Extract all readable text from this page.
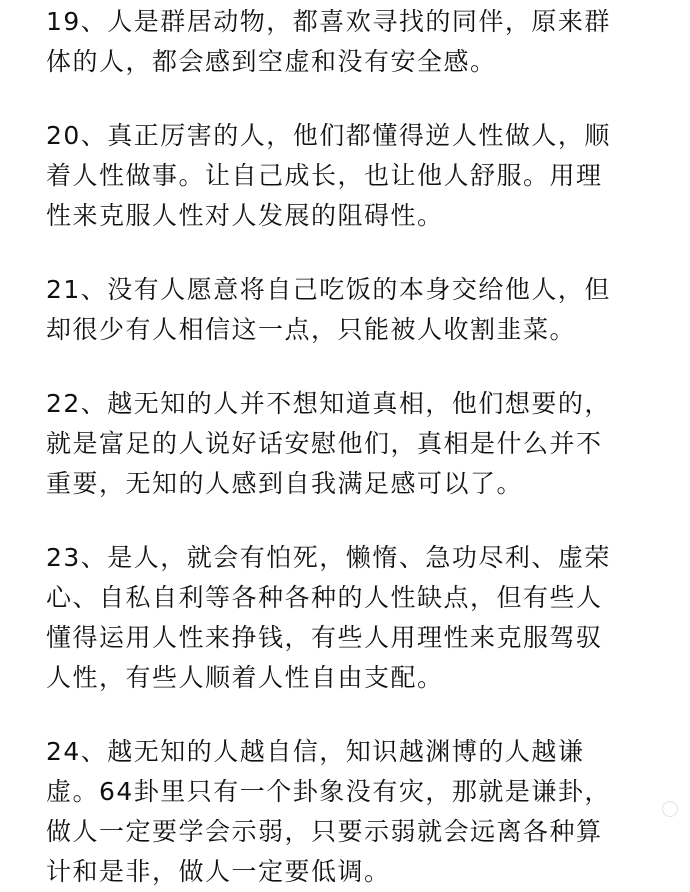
19、人是群居动物，都喜欢寻找的同伴，原来群
体的人，都会感到空虚和没有安全感。
20、真正厉害的人，他们都懂得逆人性做人，顺
着人性做事。让自己成长，也让他人舒服。用理
性来克服人性对人发展的阻碍性。
21、没有人愿意将自己吃饭的本身交给他人，但
却很少有人相信这一点，只能被人收割韭菜。
22、越无知的人并不想知道真相，他们想要的，
就是富足的人说好话安慰他们，真相是什么并不
重要，无知的人感到自我满足感可以了。
23、是人，就会有怕死，懒惰、急功尽利、虚荣
心、自私自利等各种各种的人性缺点，但有些人
懂得运用人性来挣钱，有些人用理性来克服驾驭
人性，有些人顺着人性自由支配。
24、越无知的人越自信，知识越渊博的人越谦
虚。64卦里只有一个卦象没有灾，那就是谦卦，
做人一定要学会示弱，只要示弱就会远离各种算
计和是非，做人一定要低调。
